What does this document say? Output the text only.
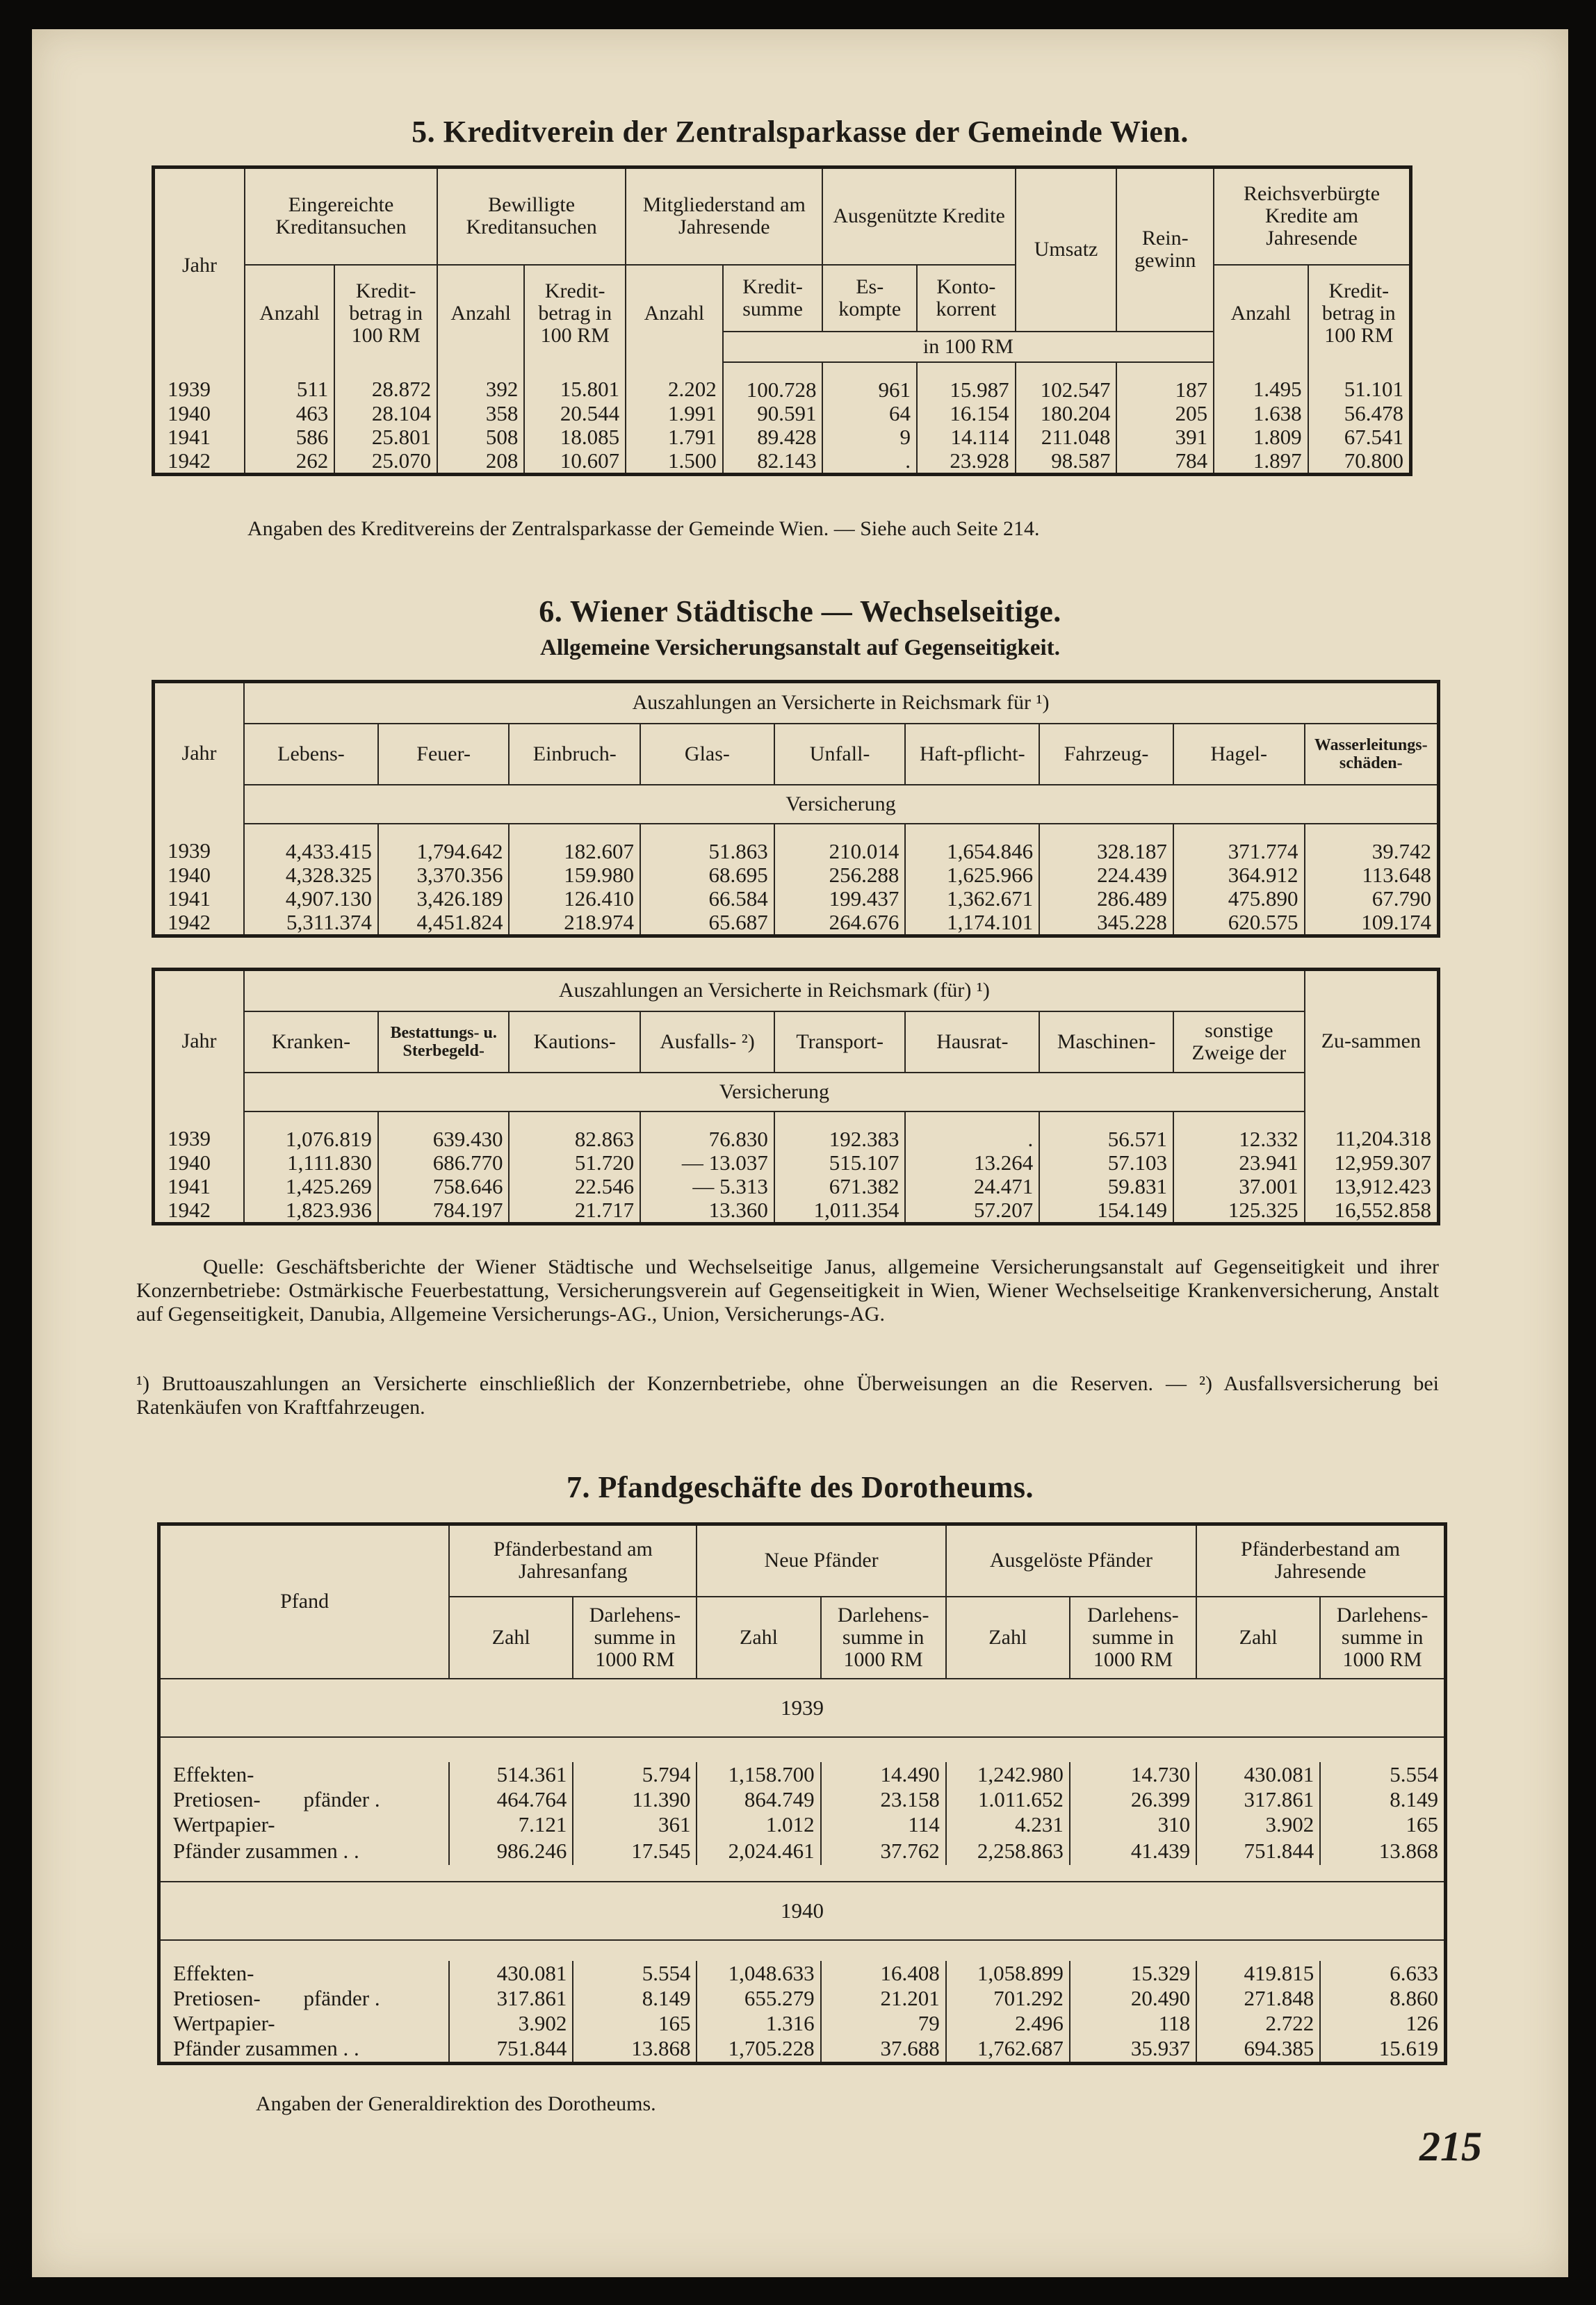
5. Kreditverein der Zentralsparkasse der Gemeinde Wien.
Jahr	Eingereichte Kreditansuchen		Bewilligte Kreditansuchen		Mitgliederstand am Jahresende		Ausgenützte Kredite		Umsatz	Rein-gewinn	Reichsverbürgte Kredite am Jahresende	
	Anzahl	Kredit-betrag in 100 RM	Anzahl	Kredit-betrag in 100 RM	Anzahl	Kredit-summe	Es-kompte	Konto-korrent			Anzahl	Kredit-betrag in 100 RM
						in 100 RM						
1939	511	28.872	392	15.801	2.202	100.728	961	15.987	102.547	187	1.495	51.101
1940	463	28.104	358	20.544	1.991	90.591	64	16.154	180.204	205	1.638	56.478
1941	586	25.801	508	18.085	1.791	89.428	9	14.114	211.048	391	1.809	67.541
1942	262	25.070	208	10.607	1.500	82.143	.	23.928	98.587	784	1.897	70.800
Angaben des Kreditvereins der Zentralsparkasse der Gemeinde Wien. — Siehe auch Seite 214.
6. Wiener Städtische — Wechselseitige.
Allgemeine Versicherungsanstalt auf Gegenseitigkeit.
Jahr	Auszahlungen an Versicherte in Reichsmark für ¹)								
	Lebens-	Feuer-	Einbruch-	Glas-	Unfall-	Haft-pflicht-	Fahrzeug-	Hagel-	Wasserleitungs-schäden-
	Versicherung								
1939	4,433.415	1,794.642	182.607	51.863	210.014	1,654.846	328.187	371.774	39.742
1940	4,328.325	3,370.356	159.980	68.695	256.288	1,625.966	224.439	364.912	113.648
1941	4,907.130	3,426.189	126.410	66.584	199.437	1,362.671	286.489	475.890	67.790
1942	5,311.374	4,451.824	218.974	65.687	264.676	1,174.101	345.228	620.575	109.174
Jahr	Auszahlungen an Versicherte in Reichsmark (für) ¹)								Zu-sammen
	Kranken-	Bestattungs- u. Sterbegeld-	Kautions-	Ausfalls- ²)	Transport-	Hausrat-	Maschinen-	sonstige Zweige der	
	Versicherung								
1939	1,076.819	639.430	82.863	76.830	192.383	.	56.571	12.332	11,204.318
1940	1,111.830	686.770	51.720	— 13.037	515.107	13.264	57.103	23.941	12,959.307
1941	1,425.269	758.646	22.546	— 5.313	671.382	24.471	59.831	37.001	13,912.423
1942	1,823.936	784.197	21.717	13.360	1,011.354	57.207	154.149	125.325	16,552.858
Quelle: Geschäftsberichte der Wiener Städtische und Wechselseitige Janus, allgemeine Versicherungsanstalt auf Gegenseitigkeit und ihrer Konzernbetriebe: Ostmärkische Feuerbestattung, Versicherungsverein auf Gegenseitigkeit in Wien, Wiener Wechselseitige Krankenversicherung, Anstalt auf Gegenseitigkeit, Danubia, Allgemeine Versicherungs-AG., Union, Versicherungs-AG.
¹) Bruttoauszahlungen an Versicherte einschließlich der Konzernbetriebe, ohne Überweisungen an die Reserven. — ²) Ausfallsversicherung bei Ratenkäufen von Kraftfahrzeugen.
7. Pfandgeschäfte des Dorotheums.
Pfand	Pfänderbestand am Jahresanfang		Neue Pfänder		Ausgelöste Pfänder		Pfänderbestand am Jahresende	
	Zahl	Darlehens-summe in 1000 RM	Zahl	Darlehens-summe in 1000 RM	Zahl	Darlehens-summe in 1000 RM	Zahl	Darlehens-summe in 1000 RM
1939								

Effekten-	514.361	5.794	1,158.700	14.490	1,242.980	14.730	430.081	5.554
Pretiosen- pfänder .	464.764	11.390	864.749	23.158	1.011.652	26.399	317.861	8.149
Wertpapier-	7.121	361	1.012	114	4.231	310	3.902	165
Pfänder zusammen . .	986.246	17.545	2,024.461	37.762	2,258.863	41.439	751.844	13.868

1940								

Effekten-	430.081	5.554	1,048.633	16.408	1,058.899	15.329	419.815	6.633
Pretiosen- pfänder .	317.861	8.149	655.279	21.201	701.292	20.490	271.848	8.860
Wertpapier-	3.902	165	1.316	79	2.496	118	2.722	126
Pfänder zusammen . .	751.844	13.868	1,705.228	37.688	1,762.687	35.937	694.385	15.619
Angaben der Generaldirektion des Dorotheums.
215
